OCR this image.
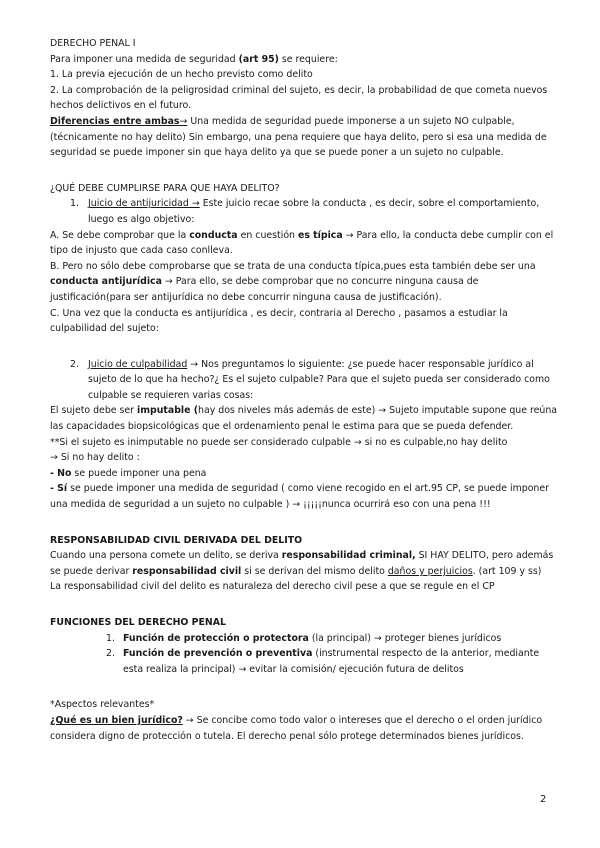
DERECHO PENAL I

Para imponer una medida de seguridad (art 95) se requiere:

1. La previa ejecución de un hecho previsto como delito

2. La comprobación de la peligrosidad criminal del sujeto, es decir, la probabilidad de que cometa nuevos hechos delictivos en el futuro.

Diferencias entre ambas→ Una medida de seguridad puede imponerse a un sujeto NO culpable, (técnicamente no hay delito) Sin embargo, una pena requiere que haya delito, pero si esa una medida de seguridad se puede imponer sin que haya delito ya que se puede poner a un sujeto no culpable.

¿QUÉ DEBE CUMPLIRSE PARA QUE HAYA DELITO?

1. Juicio de antijuricidad → Este juicio recae sobre la conducta , es decir, sobre el comportamiento, luego es algo objetivo:

A. Se debe comprobar que la conducta en cuestión es típica → Para ello, la conducta debe cumplir con el tipo de injusto que cada caso conlleva.

B. Pero no sólo debe comprobarse que se trata de una conducta típica,pues esta también debe ser una conducta antijurídica → Para ello, se debe comprobar que no concurre ninguna causa de justificación(para ser antijurídica no debe concurrir ninguna causa de justificación).

C. Una vez que la conducta es antijurídica , es decir, contraria al Derecho , pasamos a estudiar la culpabilidad del sujeto:

2. Juicio de culpabilidad → Nos preguntamos lo siguiente: ¿se puede hacer responsable jurídico al sujeto de lo que ha hecho?¿ Es el sujeto culpable? Para que el sujeto pueda ser considerado como culpable se requieren varias cosas:

El sujeto debe ser imputable (hay dos niveles más además de este) → Sujeto imputable supone que reúna las capacidades biopsicológicas que el ordenamiento penal le estima para que se pueda defender.

**Si el sujeto es inimputable no puede ser considerado culpable → si no es culpable,no hay delito

→ Si no hay delito :

- No se puede imponer una pena

- Sí se puede imponer una medida de seguridad ( como viene recogido en el art.95 CP, se puede imponer una medida de seguridad a un sujeto no culpable ) → ¡¡¡¡¡nunca ocurrirá eso con una pena !!!

RESPONSABILIDAD CIVIL DERIVADA DEL DELITO

Cuando una persona comete un delito, se deriva responsabilidad criminal, SI HAY DELITO, pero además se puede derivar responsabilidad civil si se derivan del mismo delito daños y perjuicios. (art 109 y ss)

La responsabilidad civil del delito es naturaleza del derecho civil pese a que se regule en el CP

FUNCIONES DEL DERECHO PENAL

1. Función de protección o protectora (la principal) → proteger bienes jurídicos

2. Función de prevención o preventiva (instrumental respecto de la anterior, mediante esta realiza la principal) → evitar la comisión/ ejecución futura de delitos

*Aspectos relevantes*

¿Qué es un bien jurídico? → Se concibe como todo valor o intereses que el derecho o el orden jurídico considera digno de protección o tutela. El derecho penal sólo protege determinados bienes jurídicos.

2
